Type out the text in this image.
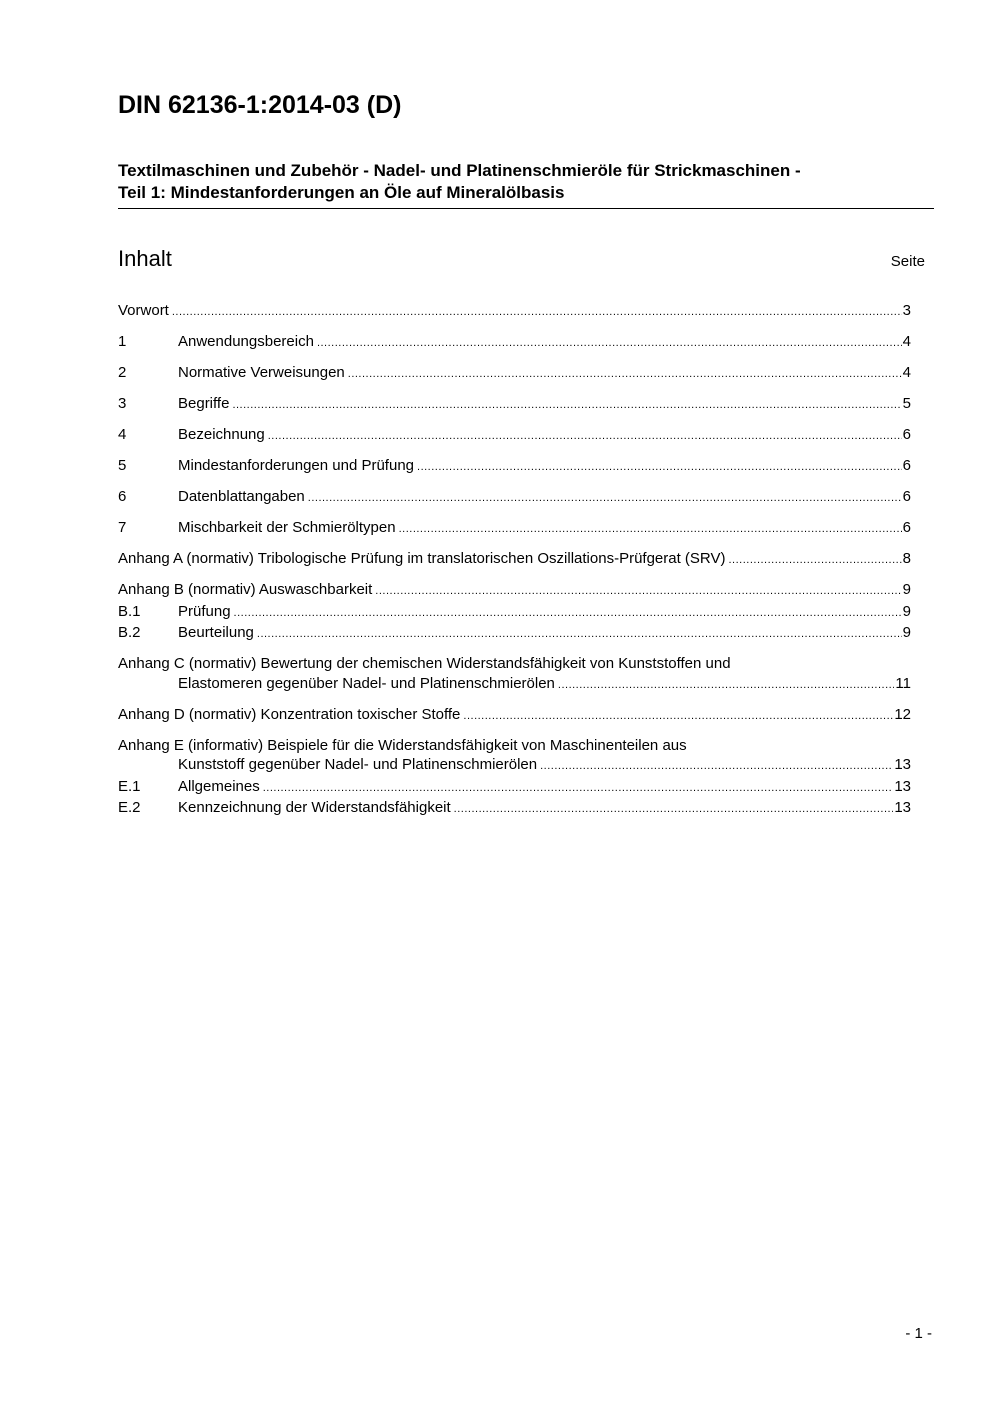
DIN 62136-1:2014-03 (D)
Textilmaschinen und Zubehör - Nadel- und Platinenschmieröle für Strickmaschinen -
Teil 1: Mindestanforderungen an Öle auf Mineralölbasis
Inhalt	Seite
Vorwort .....	3
1	Anwendungsbereich .....	4
2	Normative Verweisungen .....	4
3	Begriffe .....	5
4	Bezeichnung .....	6
5	Mindestanforderungen und Prüfung .....	6
6	Datenblattangaben .....	6
7	Mischbarkeit der Schmieröltypen .....	6
Anhang A (normativ) Tribologische Prüfung im translatorischen Oszillations-Prüfgerat (SRV) .....	8
Anhang B (normativ) Auswaschbarkeit .....	9
B.1	Prüfung .....	9
B.2	Beurteilung .....	9
Anhang C (normativ) Bewertung der chemischen Widerstandsfähigkeit von Kunststoffen und
Elastomeren gegenüber Nadel- und Platinenschmierölen .....	11
Anhang D (normativ) Konzentration toxischer Stoffe .....	12
Anhang E (informativ) Beispiele für die Widerstandsfähigkeit von Maschinenteilen aus
Kunststoff gegenüber Nadel- und Platinenschmierölen .....	13
E.1	Allgemeines .....	13
E.2	Kennzeichnung der Widerstandsfähigkeit .....	13
- 1 -
